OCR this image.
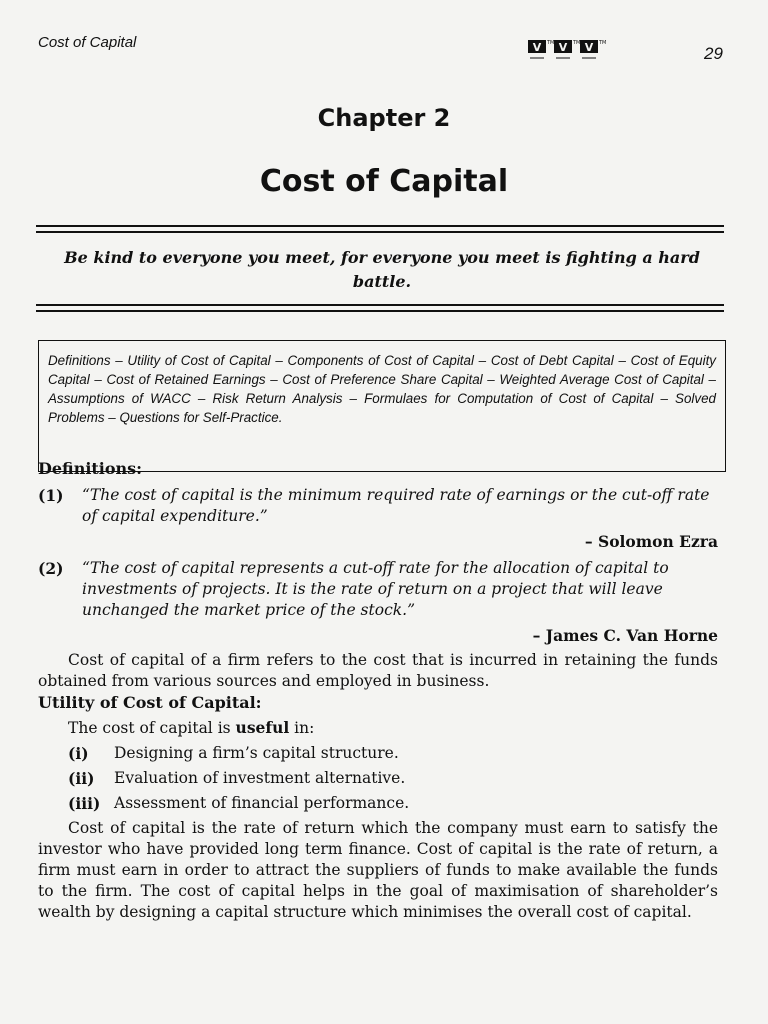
Cost of Capital	V V V
TM	TM	TM
29
Chapter 2
Cost of Capital
Be kind to everyone you meet, for everyone you meet is fighting a hard battle.
Definitions – Utility of Cost of Capital – Components of Cost of Capital – Cost of Debt Capital – Cost of Equity Capital – Cost of Retained Earnings – Cost of Preference Share Capital – Weighted Average Cost of Capital – Assumptions of WACC – Risk Return Analysis – Formulaes for Computation of Cost of Capital – Solved Problems – Questions for Self-Practice.

Definitions:

(1)	“The cost of capital is the minimum required rate of earnings or the cut-off rate of capital expenditure.”
– Solomon Ezra
(2)	“The cost of capital represents a cut-off rate for the allocation of capital to investments of projects. It is the rate of return on a project that will leave unchanged the market price of the stock.”
– James C. Van Horne

Cost of capital of a firm refers to the cost that is incurred in retaining the funds obtained from various sources and employed in business.

Utility of Cost of Capital:

The cost of capital is useful in:

(i)	Designing a firm’s capital structure.
(ii)	Evaluation of investment alternative.
(iii) Assessment of financial performance.

Cost of capital is the rate of return which the company must earn to satisfy the investor who have provided long term finance. Cost of capital is the rate of return, a firm must earn in order to attract the suppliers of funds to make available the funds to the firm. The cost of capital helps in the goal of maximisation of shareholder’s wealth by designing a capital structure which minimises the overall cost of capital.
